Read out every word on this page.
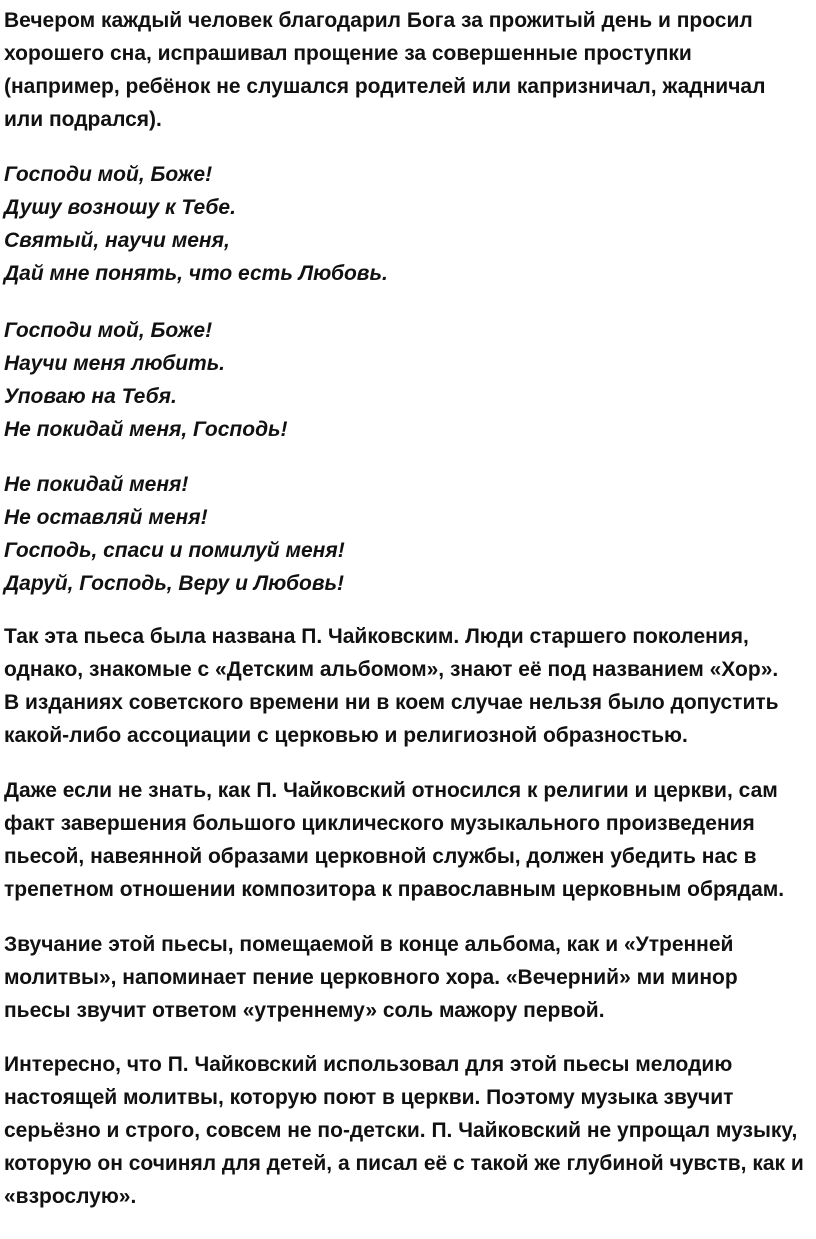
Вечером каждый человек благодарил Бога за прожитый день и просил
хорошего сна, испрашивал прощение за совершенные проступки
(например, ребёнок не слушался родителей или капризничал, жадничал
или подрался).

Господи мой, Боже!
Душу возношу к Тебе.
Святый, научи меня,
Дай мне понять, что есть Любовь.

Господи мой, Боже!
Научи меня любить.
Уповаю на Тебя.
Не покидай меня, Господь!

Не покидай меня!
Не оставляй меня!
Господь, спаси и помилуй меня!
Даруй, Господь, Веру и Любовь!

Так эта пьеса была названа П. Чайковским. Люди старшего поколения,
однако, знакомые с «Детским альбомом», знают её под названием «Хор».
В изданиях советского времени ни в коем случае нельзя было допустить
какой-либо ассоциации с церковью и религиозной образностью.

Даже если не знать, как П. Чайковский относился к религии и церкви, сам
факт завершения большого циклического музыкального произведения
пьесой, навеянной образами церковной службы, должен убедить нас в
трепетном отношении композитора к православным церковным обрядам.

Звучание этой пьесы, помещаемой в конце альбома, как и «Утренней
молитвы», напоминает пение церковного хора. «Вечерний» ми минор
пьесы звучит ответом «утреннему» соль мажору первой.

Интересно, что П. Чайковский использовал для этой пьесы мелодию
настоящей молитвы, которую поют в церкви. Поэтому музыка звучит
серьёзно и строго, совсем не по-детски. П. Чайковский не упрощал музыку,
которую он сочинял для детей, а писал её с такой же глубиной чувств, как и
«взрослую».
